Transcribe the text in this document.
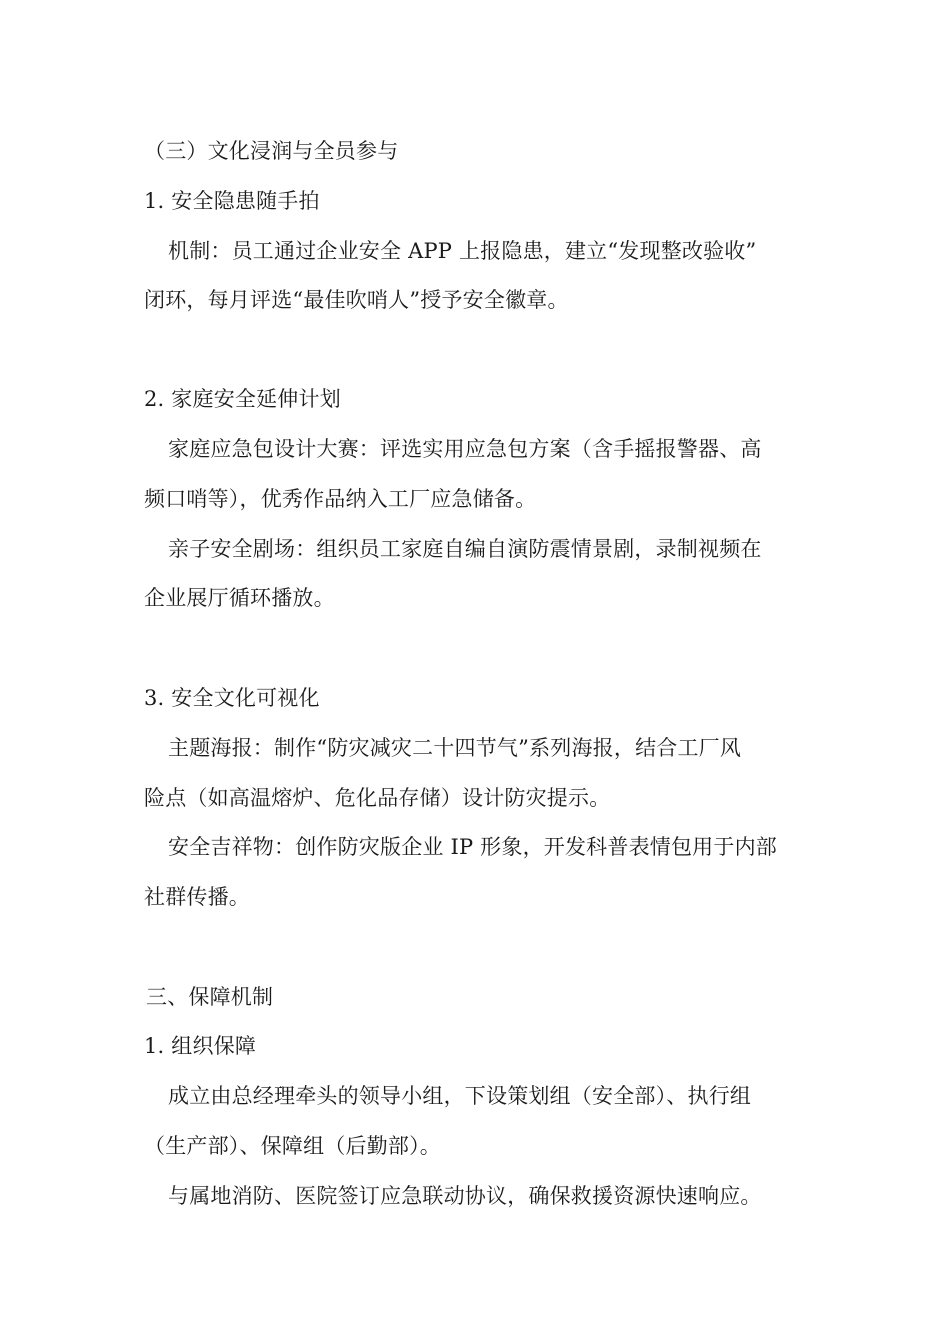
（三）文化浸润与全员参与
1. 安全隐患随手拍
机制：员工通过企业安全 APP 上报隐患，建立“发现整改验收”
闭环，每月评选“最佳吹哨人”授予安全徽章。
2. 家庭安全延伸计划
家庭应急包设计大赛：评选实用应急包方案（含手摇报警器、高
频口哨等），优秀作品纳入工厂应急储备。
亲子安全剧场：组织员工家庭自编自演防震情景剧，录制视频在
企业展厅循环播放。
3. 安全文化可视化
主题海报：制作“防灾减灾二十四节气”系列海报，结合工厂风
险点（如高温熔炉、危化品存储）设计防灾提示。
安全吉祥物：创作防灾版企业 IP 形象，开发科普表情包用于内部
社群传播。
三、保障机制
1. 组织保障
成立由总经理牵头的领导小组，下设策划组（安全部）、执行组
（生产部）、保障组（后勤部）。
与属地消防、医院签订应急联动协议，确保救援资源快速响应。
